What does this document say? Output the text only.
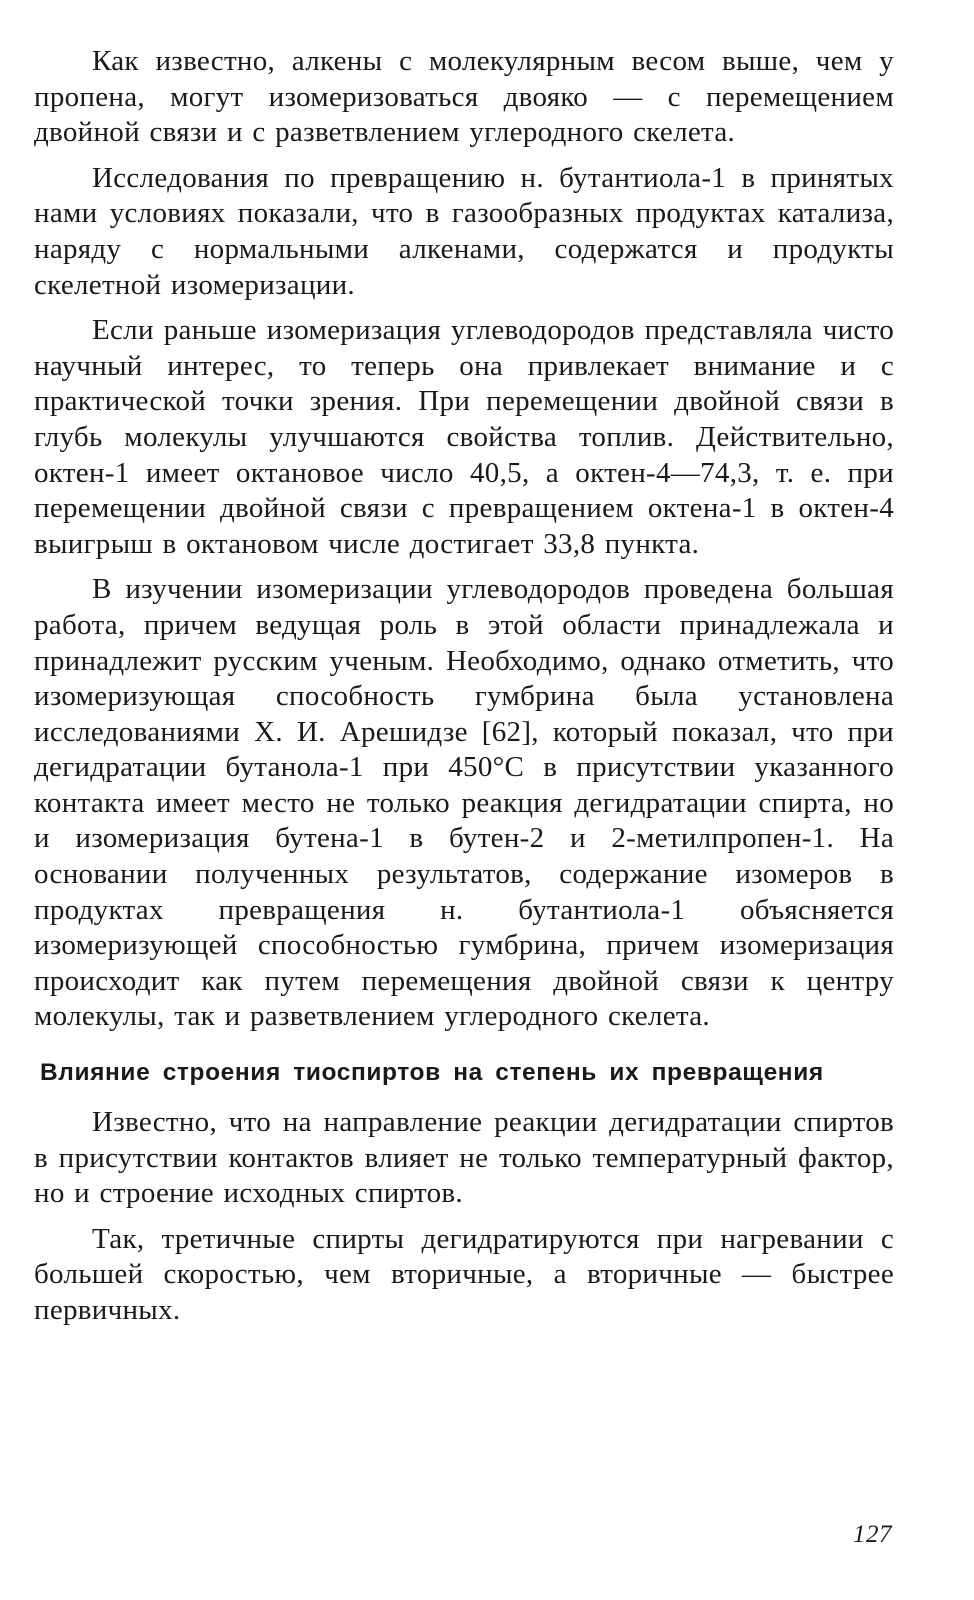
Как известно, алкены с молекулярным весом выше, чем у пропена, могут изомеризоваться двояко — с перемещением двойной связи и с разветвлением углеродного скелета.

Исследования по превращению н. бутантиола-1 в принятых нами условиях показали, что в газообразных продуктах катализа, наряду с нормальными алкенами, содержатся и продукты скелетной изомеризации.

Если раньше изомеризация углеводородов представляла чисто научный интерес, то теперь она привлекает внимание и с практической точки зрения. При перемещении двойной связи в глубь молекулы улучшаются свойства топлив. Действительно, октен-1 имеет октановое число 40,5, а октен-4—74,3, т. е. при перемещении двойной связи с превращением октена-1 в октен-4 выигрыш в октановом числе достигает 33,8 пункта.

В изучении изомеризации углеводородов проведена большая работа, причем ведущая роль в этой области принадлежала и принадлежит русским ученым. Необходимо, однако отметить, что изомеризующая способность гумбрина была установлена исследованиями Х. И. Арешидзе [62], который показал, что при дегидратации бутанола-1 при 450°С в присутствии указанного контакта имеет место не только реакция дегидратации спирта, но и изомеризация бутена-1 в бутен-2 и 2-метилпропен-1. На основании полученных результатов, содержание изомеров в продуктах превращения н. бутантиола-1 объясняется изомеризующей способностью гумбрина, причем изомеризация происходит как путем перемещения двойной связи к центру молекулы, так и разветвлением углеродного скелета.

Влияние строения тиоспиртов на степень их превращения

Известно, что на направление реакции дегидратации спиртов в присутствии контактов влияет не только температурный фактор, но и строение исходных спиртов.

Так, третичные спирты дегидратируются при нагревании с большей скоростью, чем вторичные, а вторичные — быстрее первичных.

127
